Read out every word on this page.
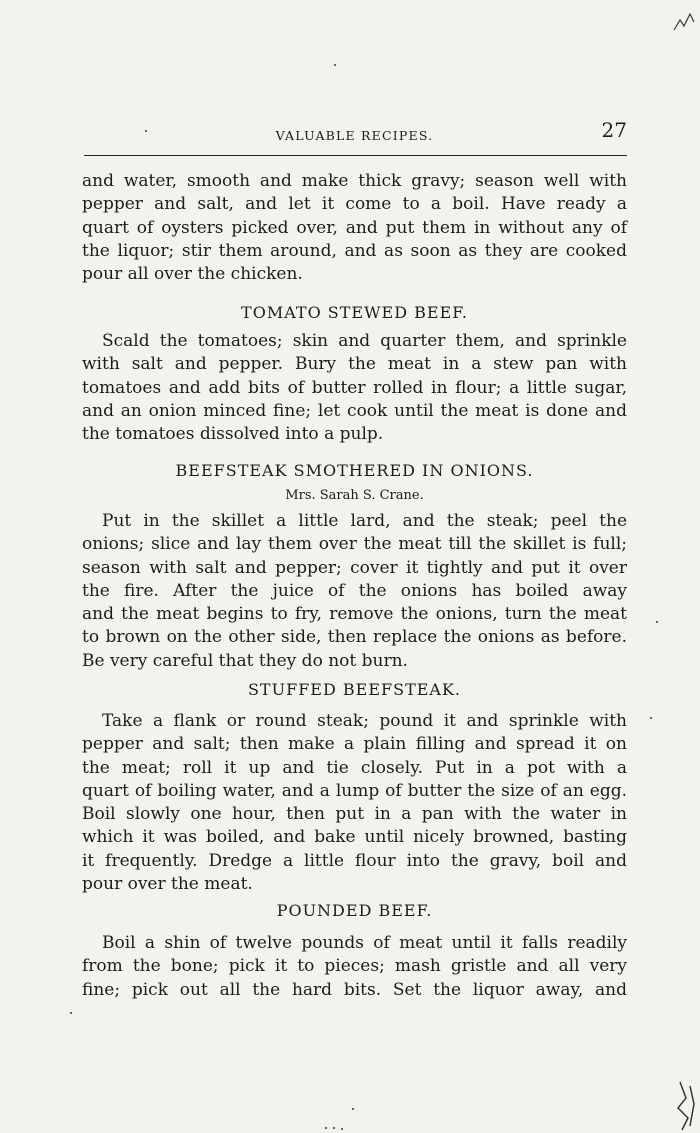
VALUABLE RECIPES.	27
and water, smooth and make thick gravy; season well with
pepper and salt, and let it come to a boil. Have ready a
quart of oysters picked over, and put them in without any of
the liquor; stir them around, and as soon as they are cooked
pour all over the chicken.
TOMATO STEWED BEEF.
Scald the tomatoes; skin and quarter them, and sprinkle
with salt and pepper. Bury the meat in a stew pan with
tomatoes and add bits of butter rolled in flour; a little sugar,
and an onion minced fine; let cook until the meat is done and
the tomatoes dissolved into a pulp.
BEEFSTEAK SMOTHERED IN ONIONS.
Mrs. Sarah S. Crane.
Put in the skillet a little lard, and the steak; peel the
onions; slice and lay them over the meat till the skillet is full;
season with salt and pepper; cover it tightly and put it over
the fire. After the juice of the onions has boiled away
and the meat begins to fry, remove the onions, turn the meat
to brown on the other side, then replace the onions as before.
Be very careful that they do not burn.
STUFFED BEEFSTEAK.
Take a flank or round steak; pound it and sprinkle with
pepper and salt; then make a plain filling and spread it on
the meat; roll it up and tie closely. Put in a pot with a
quart of boiling water, and a lump of butter the size of an egg.
Boil slowly one hour, then put in a pan with the water in
which it was boiled, and bake until nicely browned, basting
it frequently. Dredge a little flour into the gravy, boil and
pour over the meat.
POUNDED BEEF.
Boil a shin of twelve pounds of meat until it falls readily
from the bone; pick it to pieces; mash gristle and all very
fine; pick out all the hard bits. Set the liquor away, and
